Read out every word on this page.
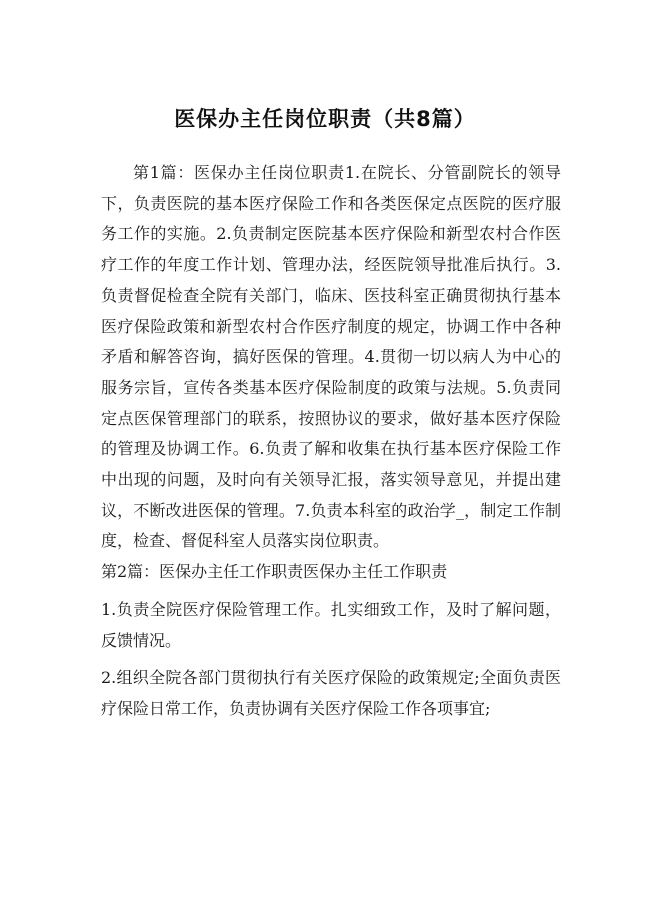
医保办主任岗位职责（共8篇）

第1篇：医保办主任岗位职责1.在院长、分管副院长的领导下，负责医院的基本医疗保险工作和各类医保定点医院的医疗服务工作的实施。2.负责制定医院基本医疗保险和新型农村合作医疗工作的年度工作计划、管理办法，经医院领导批准后执行。3.负责督促检查全院有关部门，临床、医技科室正确贯彻执行基本医疗保险政策和新型农村合作医疗制度的规定，协调工作中各种矛盾和解答咨询，搞好医保的管理。4.贯彻一切以病人为中心的服务宗旨，宣传各类基本医疗保险制度的政策与法规。5.负责同定点医保管理部门的联系，按照协议的要求，做好基本医疗保险的管理及协调工作。6.负责了解和收集在执行基本医疗保险工作中出现的问题，及时向有关领导汇报，落实领导意见，并提出建议，不断改进医保的管理。7.负责本科室的政治学_，制定工作制度，检查、督促科室人员落实岗位职责。

第2篇：医保办主任工作职责医保办主任工作职责

1.负责全院医疗保险管理工作。扎实细致工作，及时了解问题，反馈情况。

2.组织全院各部门贯彻执行有关医疗保险的政策规定;全面负责医疗保险日常工作，负责协调有关医疗保险工作各项事宜;
